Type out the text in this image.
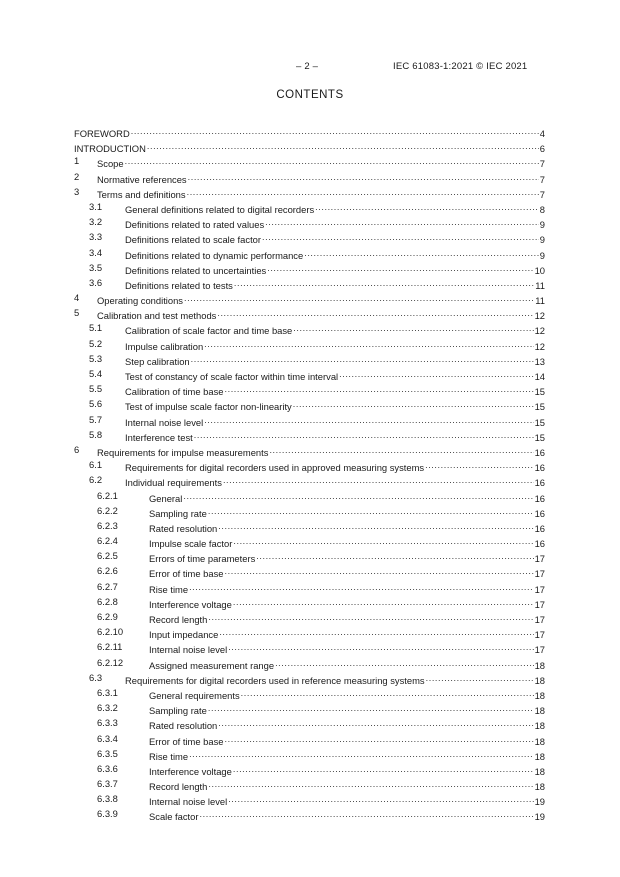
– 2 –	IEC 61083-1:2021 © IEC 2021
CONTENTS
FOREWORD .....	4
INTRODUCTION .....	6
1 Scope .....	7
2 Normative references .....	7
3 Terms and definitions .....	7
3.1 General definitions related to digital recorders .....	8
3.2 Definitions related to rated values .....	9
3.3 Definitions related to scale factor .....	9
3.4 Definitions related to dynamic performance .....	9
3.5 Definitions related to uncertainties .....	10
3.6 Definitions related to tests .....	11
4 Operating conditions .....	11
5 Calibration and test methods .....	12
5.1 Calibration of scale factor and time base .....	12
5.2 Impulse calibration .....	12
5.3 Step calibration .....	13
5.4 Test of constancy of scale factor within time interval .....	14
5.5 Calibration of time base .....	15
5.6 Test of impulse scale factor non-linearity .....	15
5.7 Internal noise level .....	15
5.8 Interference test .....	15
6 Requirements for impulse measurements .....	16
6.1 Requirements for digital recorders used in approved measuring systems .....	16
6.2 Individual requirements .....	16
6.2.1	General .....	16
6.2.2	Sampling rate .....	16
6.2.3	Rated resolution .....	16
6.2.4	Impulse scale factor .....	16
6.2.5	Errors of time parameters .....	17
6.2.6	Error of time base .....	17
6.2.7	Rise time .....	17
6.2.8	Interference voltage .....	17
6.2.9	Record length .....	17
6.2.10	Input impedance .....	17
6.2.11	Internal noise level .....	17
6.2.12	Assigned measurement range .....	18
6.3 Requirements for digital recorders used in reference measuring systems .....	18
6.3.1	General requirements .....	18
6.3.2	Sampling rate .....	18
6.3.3	Rated resolution .....	18
6.3.4	Error of time base .....	18
6.3.5	Rise time .....	18
6.3.6	Interference voltage .....	18
6.3.7	Record length .....	18
6.3.8	Internal noise level .....	19
6.3.9	Scale factor .....	19
